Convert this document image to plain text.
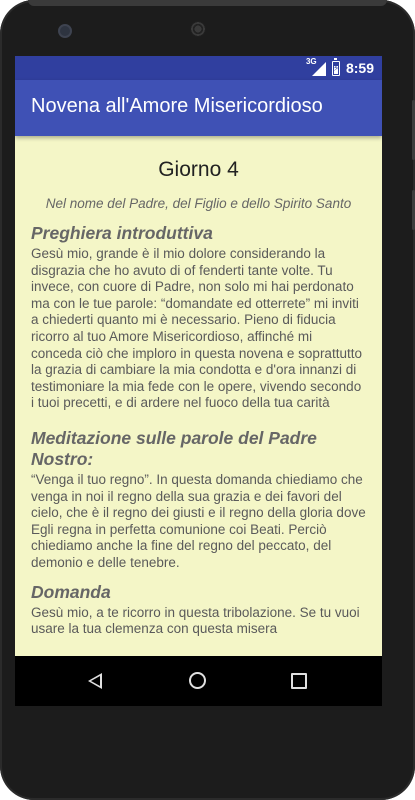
3G
⚡ 8:59
Novena all'Amore Misericordioso
Giorno 4
Nel nome del Padre, del Figlio e dello Spirito Santo
Preghiera introduttiva
Gesù mio, grande è il mio dolore considerando la disgrazia che ho avuto di of fenderti tante volte. Tu invece, con cuore di Padre, non solo mi hai perdonato ma con le tue parole: “domandate ed otterrete” mi inviti a chiederti quanto mi è necessario. Pieno di fiducia ricorro al tuo Amore Misericordioso, affinché mi conceda ciò che imploro in questa novena e soprattutto la grazia di cambiare la mia condotta e d'ora innanzi di testimoniare la mia fede con le opere, vivendo secondo i tuoi precetti, e di ardere nel fuoco della tua carità
Meditazione sulle parole del Padre Nostro:
“Venga il tuo regno”. In questa domanda chiediamo che venga in noi il regno della sua grazia e dei favori del cielo, che è il regno dei giusti e il regno della gloria dove Egli regna in perfetta comunione coi Beati. Perciò chiediamo anche la fine del regno del peccato, del demonio e delle tenebre.
Domanda
Gesù mio, a te ricorro in questa tribolazione. Se tu vuoi usare la tua clemenza con questa misera
